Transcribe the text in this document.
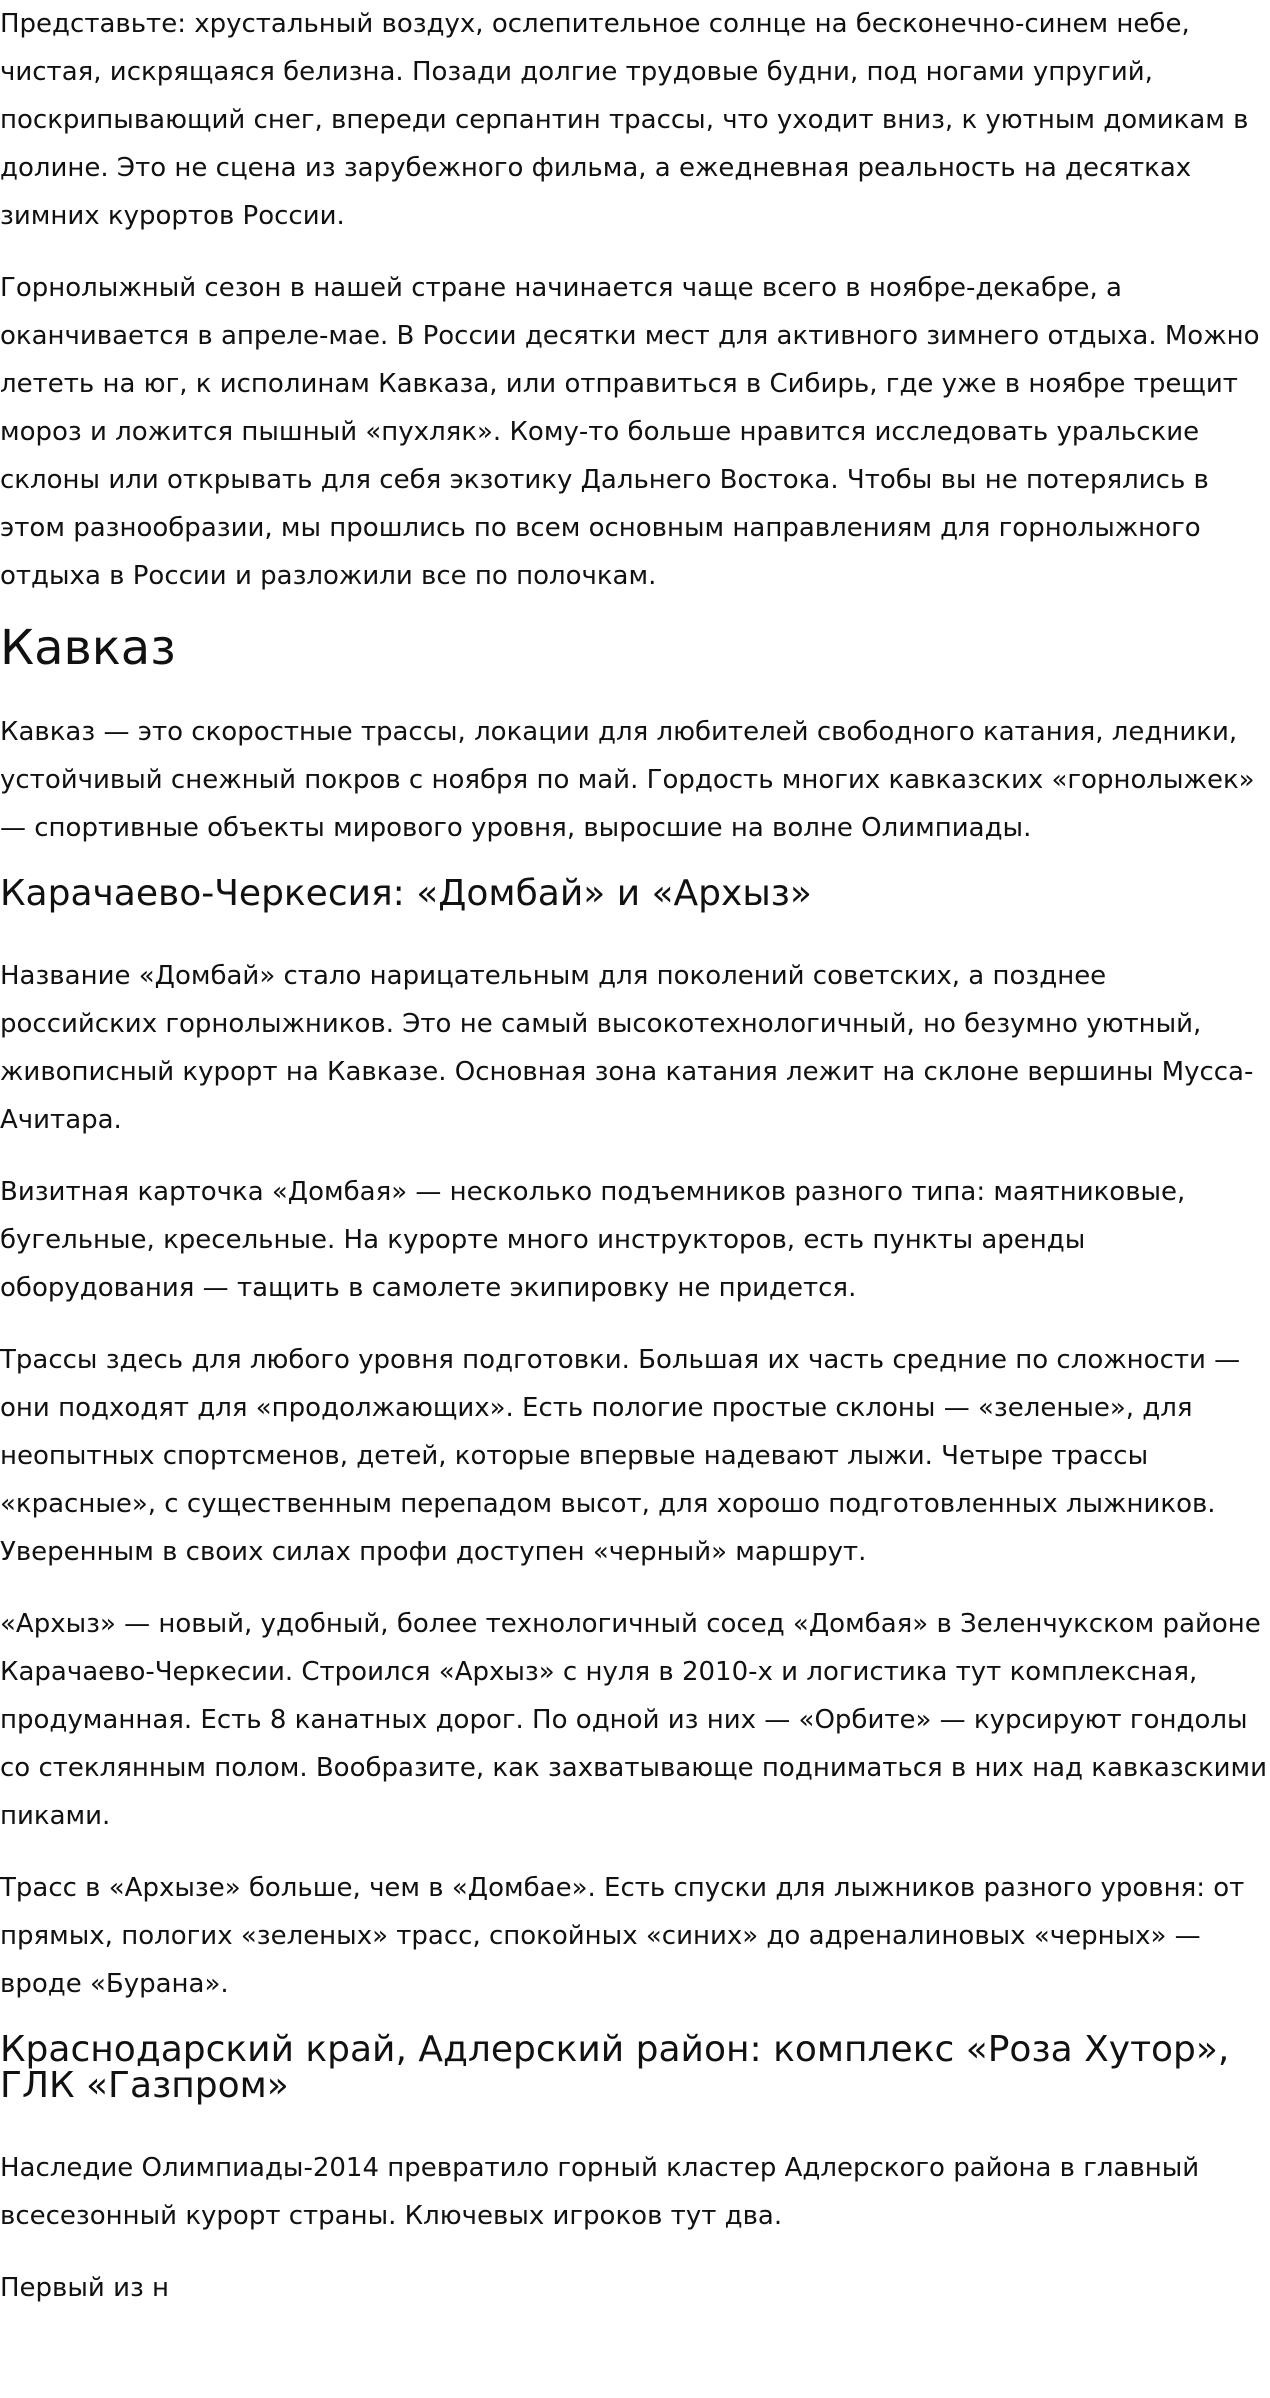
Представьте: хрустальный воздух, ослепительное солнце на бесконечно-синем небе, чистая, искрящаяся белизна. Позади долгие трудовые будни, под ногами упругий, поскрипывающий снег, впереди серпантин трассы, что уходит вниз, к уютным домикам в долине. Это не сцена из зарубежного фильма, а ежедневная реальность на десятках зимних курортов России.

Горнолыжный сезон в нашей стране начинается чаще всего в ноябре-декабре, а оканчивается в апреле-мае. В России десятки мест для активного зимнего отдыха. Можно лететь на юг, к исполинам Кавказа, или отправиться в Сибирь, где уже в ноябре трещит мороз и ложится пышный «пухляк». Кому-то больше нравится исследовать уральские склоны или открывать для себя экзотику Дальнего Востока. Чтобы вы не потерялись в этом разнообразии, мы прошлись по всем основным направлениям для горнолыжного отдыха в России и разложили все по полочкам.

Кавказ

Кавказ — это скоростные трассы, локации для любителей свободного катания, ледники, устойчивый снежный покров с ноября по май. Гордость многих кавказских «горнолыжек» — спортивные объекты мирового уровня, выросшие на волне Олимпиады.

Карачаево-Черкесия: «Домбай» и «Архыз»

Название «Домбай» стало нарицательным для поколений советских, а позднее российских горнолыжников. Это не самый высокотехнологичный, но безумно уютный, живописный курорт на Кавказе. Основная зона катания лежит на склоне вершины Мусса-Ачитара.

Визитная карточка «Домбая» — несколько подъемников разного типа: маятниковые, бугельные, кресельные. На курорте много инструкторов, есть пункты аренды оборудования — тащить в самолете экипировку не придется.

Трассы здесь для любого уровня подготовки. Большая их часть средние по сложности — они подходят для «продолжающих». Есть пологие простые склоны — «зеленые», для неопытных спортсменов, детей, которые впервые надевают лыжи. Четыре трассы «красные», с существенным перепадом высот, для хорошо подготовленных лыжников. Уверенным в своих силах профи доступен «черный» маршрут.

«Архыз» — новый, удобный, более технологичный сосед «Домбая» в Зеленчукском районе Карачаево-Черкесии. Строился «Архыз» с нуля в 2010-х и логистика тут комплексная, продуманная. Есть 8 канатных дорог. По одной из них — «Орбите» — курсируют гондолы со стеклянным полом. Вообразите, как захватывающе подниматься в них над кавказскими пиками.

Трасс в «Архызе» больше, чем в «Домбае». Есть спуски для лыжников разного уровня: от прямых, пологих «зеленых» трасс, спокойных «синих» до адреналиновых «черных» — вроде «Бурана».

Краснодарский край, Адлерский район: комплекс «Роза Хутор», ГЛК «Газпром»

Наследие Олимпиады-2014 превратило горный кластер Адлерского района в главный всесезонный курорт страны. Ключевых игроков тут два.

Первый из н
